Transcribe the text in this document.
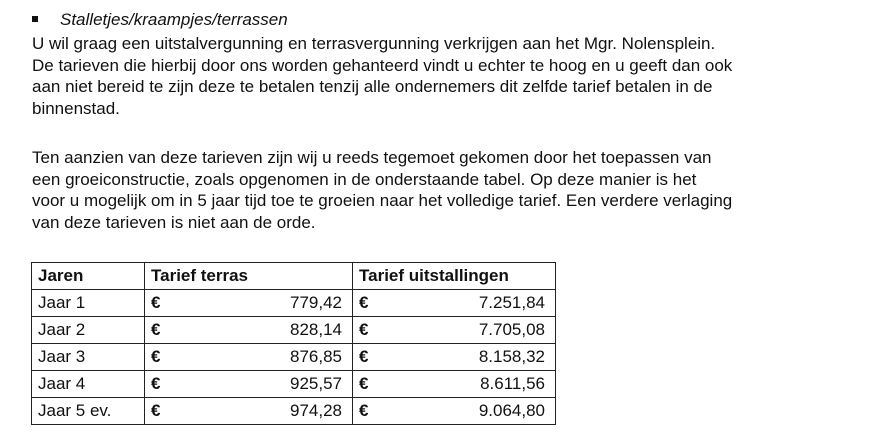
Stalletjes/kraampjes/terrassen

U wil graag een uitstalvergunning en terrasvergunning verkrijgen aan het Mgr. Nolensplein.
De tarieven die hierbij door ons worden gehanteerd vindt u echter te hoog en u geeft dan ook
aan niet bereid te zijn deze te betalen tenzij alle ondernemers dit zelfde tarief betalen in de
binnenstad.

Ten aanzien van deze tarieven zijn wij u reeds tegemoet gekomen door het toepassen van
een groeiconstructie, zoals opgenomen in de onderstaande tabel. Op deze manier is het
voor u mogelijk om in 5 jaar tijd toe te groeien naar het volledige tarief. Een verdere verlaging
van deze tarieven is niet aan de orde.

Jaren	Tarief terras	Tarief uitstallingen
Jaar 1	€ 779,42	€ 7.251,84

Jaar 2	€ 828,14	€ 7.705,08

Jaar 3	€ 876,85	€ 8.158,32

Jaar 4	€ 925,57	€ 8.611,56

Jaar 5 ev.	€ 974,28	€ 9.064,80
